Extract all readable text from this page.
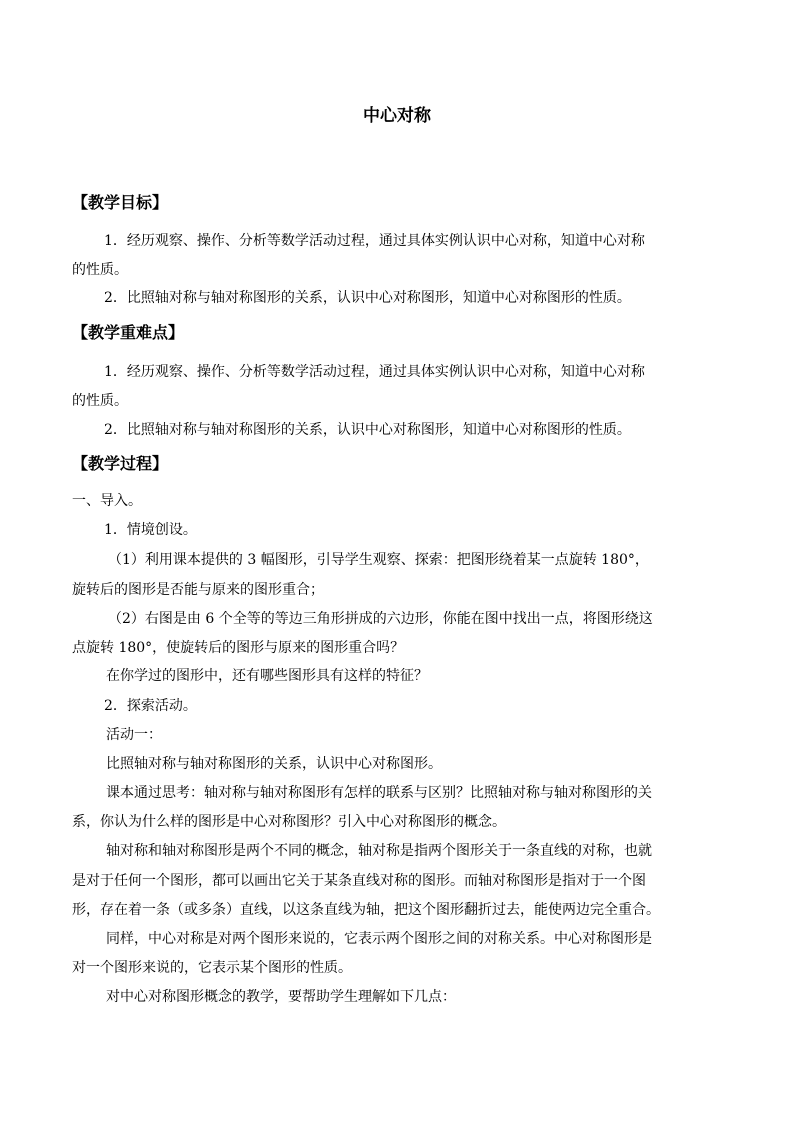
中心对称
【教学目标】
1．经历观察、操作、分析等数学活动过程，通过具体实例认识中心对称，知道中心对称
的性质。
2．比照轴对称与轴对称图形的关系，认识中心对称图形，知道中心对称图形的性质。
【教学重难点】
1．经历观察、操作、分析等数学活动过程，通过具体实例认识中心对称，知道中心对称
的性质。
2．比照轴对称与轴对称图形的关系，认识中心对称图形，知道中心对称图形的性质。
【教学过程】
一、导入。
1．情境创设。
（1）利用课本提供的 3 幅图形，引导学生观察、探索：把图形绕着某一点旋转 180°，
旋转后的图形是否能与原来的图形重合；
（2）右图是由 6 个全等的等边三角形拼成的六边形，你能在图中找出一点，将图形绕这
点旋转 180°，使旋转后的图形与原来的图形重合吗？
在你学过的图形中，还有哪些图形具有这样的特征？
2．探索活动。
活动一：
比照轴对称与轴对称图形的关系，认识中心对称图形。
课本通过思考：轴对称与轴对称图形有怎样的联系与区别？比照轴对称与轴对称图形的关
系，你认为什么样的图形是中心对称图形？引入中心对称图形的概念。
轴对称和轴对称图形是两个不同的概念，轴对称是指两个图形关于一条直线的对称，也就
是对于任何一个图形，都可以画出它关于某条直线对称的图形。而轴对称图形是指对于一个图
形，存在着一条（或多条）直线，以这条直线为轴，把这个图形翻折过去，能使两边完全重合。
同样，中心对称是对两个图形来说的，它表示两个图形之间的对称关系。中心对称图形是
对一个图形来说的，它表示某个图形的性质。
对中心对称图形概念的教学，要帮助学生理解如下几点：
